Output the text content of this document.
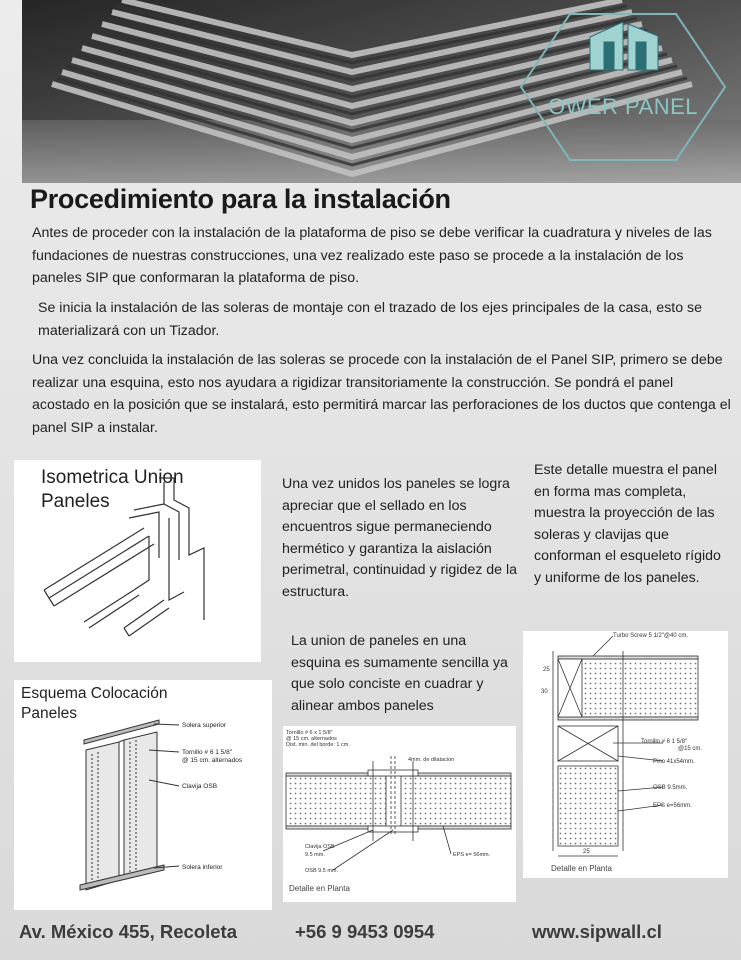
OWER PANEL
Procedimiento para la instalación
Antes de proceder con la instalación de la plataforma de piso se debe verificar la cuadratura y niveles de las fundaciones de nuestras construcciones, una vez realizado este paso se procede a la instalación de los paneles SIP que conformaran la plataforma de piso.
Se inicia la instalación de las soleras de montaje con el trazado de los ejes principales de la casa, esto se materializará con un Tizador.
Una vez concluida la instalación de las soleras se procede con la instalación de el Panel SIP, primero se debe realizar una esquina, esto nos ayudara a rigidizar transitoriamente la construcción. Se pondrá el panel acostado en la posición que se instalará, esto permitirá marcar las perforaciones de los ductos que contenga el panel SIP a instalar.
Isometrica Union Paneles
Una vez unidos los paneles se logra apreciar que el sellado en los encuentros sigue permaneciendo hermético y garantiza la aislación perimetral, continuidad y rigidez de la estructura.
Este detalle muestra el panel en forma mas completa, muestra la proyección de las soleras y clavijas que conforman el esqueleto rígido y uniforme de los paneles.
La union de paneles en una esquina es sumamente sencilla ya que solo conciste en cuadrar y alinear ambos paneles
Esquema Colocación Paneles
Solera superior
Tornillo # 6 1 5/8"
@ 15 cm. alternados
Clavija OSB
Solera inferior
Tornillo # 6 x 1 5/8"
@ 15 cm. alternados
Dist. min. del borde: 1 cm.
4mm. de dilatacion
Clavija OSB
9.5 mm.
OSB 9.5 mm.
EPS e= 56mm.
Detalle en Planta
Turbo Screw 5 1/2"@40 cm.
Tornillo # 6 1 5/8"
@15 cm.
Pino 41x54mm.
OSB 9.5mm.
EPS e=56mm.
25
30
25
Detalle en Planta
Av. México 455, Recoleta	+56 9 9453 0954	www.sipwall.cl
